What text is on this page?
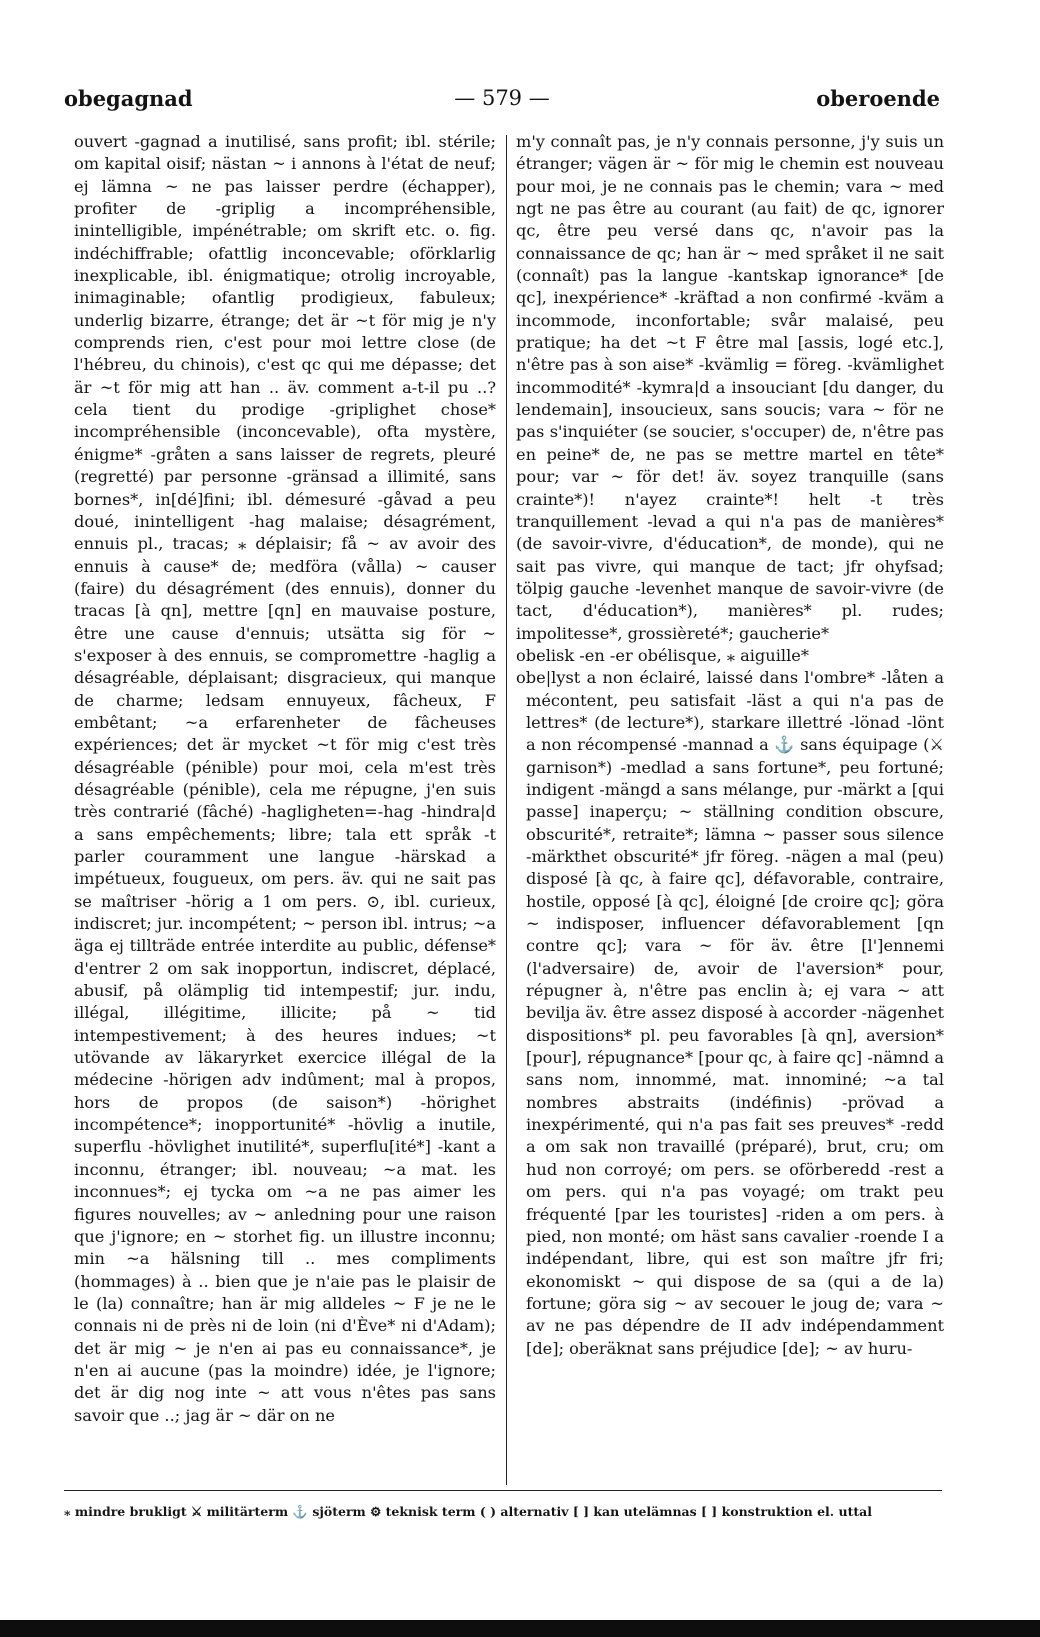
obegagnad	— 579 —	oberoende

ouvert -gagnad a inutilisé, sans profit; ibl. stérile; om kapital oisif; nästan ~ i annons à l'état de neuf; ej lämna ~ ne pas laisser perdre (échapper), profiter de -griplig a incompréhensible, inintelligible, impénétrable; om skrift etc. o. fig. indéchiffrable; ofattlig inconcevable; oförklarlig inexplicable, ibl. énigmatique; otrolig incroyable, inimaginable; ofantlig prodigieux, fabuleux; underlig bizarre, étrange; det är ~t för mig je n'y comprends rien, c'est pour moi lettre close (de l'hébreu, du chinois), c'est qc qui me dépasse; det är ~t för mig att han .. äv. comment a-t-il pu ..? cela tient du prodige -griplighet chose* incompréhensible (inconcevable), ofta mystère, énigme* -gråten a sans laisser de regrets, pleuré (regretté) par personne -gränsad a illimité, sans bornes*, in[dé]fini; ibl. démesuré -gåvad a peu doué, inintelligent -hag malaise; désagrément, ennuis pl., tracas; ⁎ déplaisir; få ~ av avoir des ennuis à cause* de; medföra (vålla) ~ causer (faire) du désagrément (des ennuis), donner du tracas [à qn], mettre [qn] en mauvaise posture, être une cause d'ennuis; utsätta sig för ~ s'exposer à des ennuis, se compromettre -haglig a désagréable, déplaisant; disgracieux, qui manque de charme; ledsam ennuyeux, fâcheux, F embêtant; ~a erfarenheter de fâcheuses expériences; det är mycket ~t för mig c'est très désagréable (pénible) pour moi, cela m'est très désagréable (pénible), cela me répugne, j'en suis très contrarié (fâché) -hagligheten=-hag -hindra|d a sans empêchements; libre; tala ett språk -t parler couramment une langue -härskad a impétueux, fougueux, om pers. äv. qui ne sait pas se maîtriser -hörig a 1 om pers. ⊙, ibl. curieux, indiscret; jur. incompétent; ~ person ibl. intrus; ~a äga ej tillträde entrée interdite au public, défense* d'entrer 2 om sak inopportun, indiscret, déplacé, abusif, på olämplig tid intempestif; jur. indu, illégal, illégitime, illicite; på ~ tid intempestivement; à des heures indues; ~t utövande av läkaryrket exercice illégal de la médecine -hörigen adv indûment; mal à propos, hors de propos (de saison*) -hörighet incompétence*; inopportunité* -hövlig a inutile, superflu -hövlighet inutilité*, superflu[ité*] -kant a inconnu, étranger; ibl. nouveau; ~a mat. les inconnues*; ej tycka om ~a ne pas aimer les figures nouvelles; av ~ anledning pour une raison que j'ignore; en ~ storhet fig. un illustre inconnu; min ~a hälsning till .. mes compliments (hommages) à .. bien que je n'aie pas le plaisir de le (la) connaître; han är mig alldeles ~ F je ne le connais ni de près ni de loin (ni d'Ève* ni d'Adam); det är mig ~ je n'en ai pas eu connaissance*, je n'en ai aucune (pas la moindre) idée, je l'ignore; det är dig nog inte ~ att vous n'êtes pas sans savoir que ..; jag är ~ där on ne

m'y connaît pas, je n'y connais personne, j'y suis un étranger; vägen är ~ för mig le chemin est nouveau pour moi, je ne connais pas le chemin; vara ~ med ngt ne pas être au courant (au fait) de qc, ignorer qc, être peu versé dans qc, n'avoir pas la connaissance de qc; han är ~ med språket il ne sait (connaît) pas la langue -kantskap ignorance* [de qc], inexpérience* -kräftad a non confirmé -kväm a incommode, inconfortable; svår malaisé, peu pratique; ha det ~t F être mal [assis, logé etc.], n'être pas à son aise* -kvämlig = föreg. -kvämlighet incommodité* -kymra|d a insouciant [du danger, du lendemain], insoucieux, sans soucis; vara ~ för ne pas s'inquiéter (se soucier, s'occuper) de, n'être pas en peine* de, ne pas se mettre martel en tête* pour; var ~ för det! äv. soyez tranquille (sans crainte*)! n'ayez crainte*! helt -t très tranquillement -levad a qui n'a pas de manières* (de savoir-vivre, d'éducation*, de monde), qui ne sait pas vivre, qui manque de tact; jfr ohyfsad; tölpig gauche -levenhet manque de savoir-vivre (de tact, d'éducation*), manières* pl. rudes; impolitesse*, grossièreté*; gaucherie*

obelisk -en -er obélisque, ⁎ aiguille*

obe|lyst a non éclairé, laissé dans l'ombre* -låten a mécontent, peu satisfait -läst a qui n'a pas de lettres* (de lecture*), starkare illettré -lönad -lönt a non récompensé -mannad a ⚓ sans équipage (⚔ garnison*) -medlad a sans fortune*, peu fortuné; indigent -mängd a sans mélange, pur -märkt a [qui passe] inaperçu; ~ ställning condition obscure, obscurité*, retraite*; lämna ~ passer sous silence -märkthet obscurité* jfr föreg. -nägen a mal (peu) disposé [à qc, à faire qc], défavorable, contraire, hostile, opposé [à qc], éloigné [de croire qc]; göra ~ indisposer, influencer défavorablement [qn contre qc]; vara ~ för äv. être [l']ennemi (l'adversaire) de, avoir de l'aversion* pour, répugner à, n'être pas enclin à; ej vara ~ att bevilja äv. être assez disposé à accorder -nägenhet dispositions* pl. peu favorables [à qn], aversion* [pour], répugnance* [pour qc, à faire qc] -nämnd a sans nom, innommé, mat. innominé; ~a tal nombres abstraits (indéfinis) -prövad a inexpérimenté, qui n'a pas fait ses preuves* -redd a om sak non travaillé (préparé), brut, cru; om hud non corroyé; om pers. se oförberedd -rest a om pers. qui n'a pas voyagé; om trakt peu fréquenté [par les touristes] -riden a om pers. à pied, non monté; om häst sans cavalier -roende I a indépendant, libre, qui est son maître jfr fri; ekonomiskt ~ qui dispose de sa (qui a de la) fortune; göra sig ~ av secouer le joug de; vara ~ av ne pas dépendre de II adv indépendamment [de]; oberäknat sans préjudice [de]; ~ av huru-

⁎ mindre brukligt ⚔ militärterm ⚓ sjöterm ⚙ teknisk term ( ) alternativ [ ] kan utelämnas [ ] konstruktion el. uttal
